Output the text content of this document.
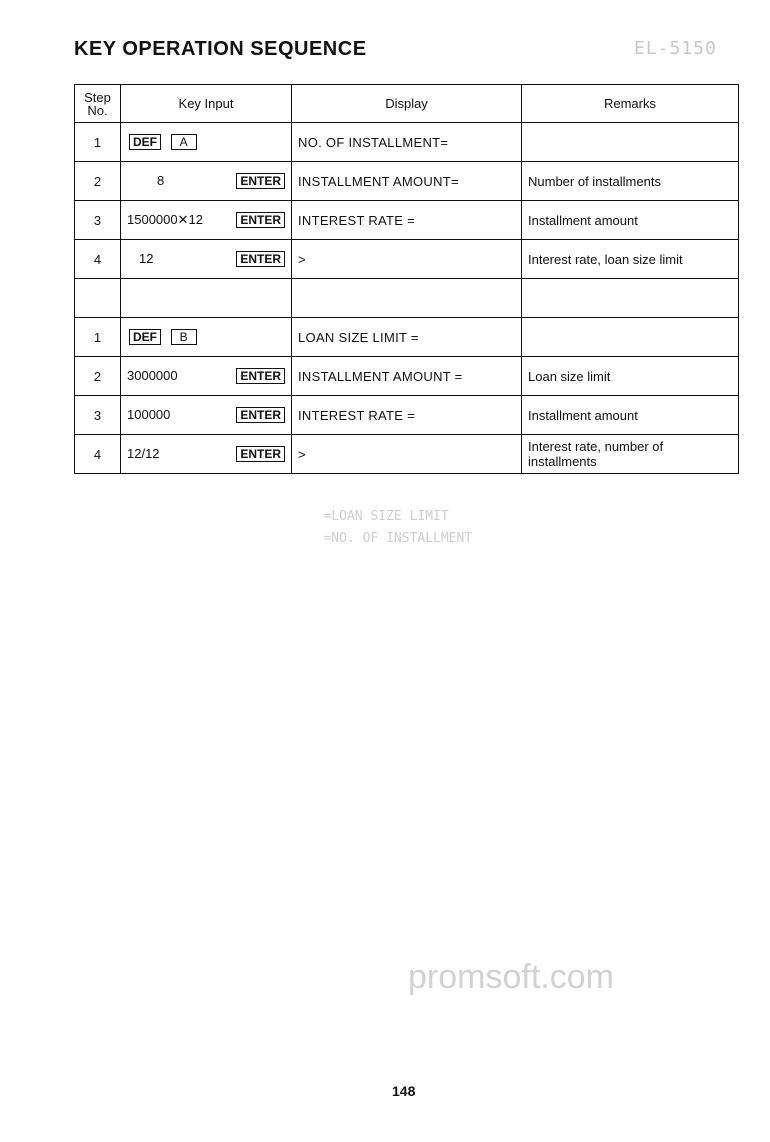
KEY OPERATION SEQUENCE	EL-5150
Step No.	Key Input	Display	Remarks
1	DEF A	NO. OF INSTALLMENT=	
2	8 ENTER	INSTALLMENT AMOUNT=	Number of installments
3	1500000✕12 ENTER	INTEREST RATE =	Installment amount
4	12 ENTER	>	Interest rate, loan size limit

1	DEF B	LOAN SIZE LIMIT =	
2	3000000 ENTER	INSTALLMENT AMOUNT =	Loan size limit
3	100000 ENTER	INTEREST RATE =	Installment amount
4	12/12 ENTER	>	Interest rate, number of installments
=LOAN SIZE LIMIT
=NO. OF INSTALLMENT
promsoft.com
148
